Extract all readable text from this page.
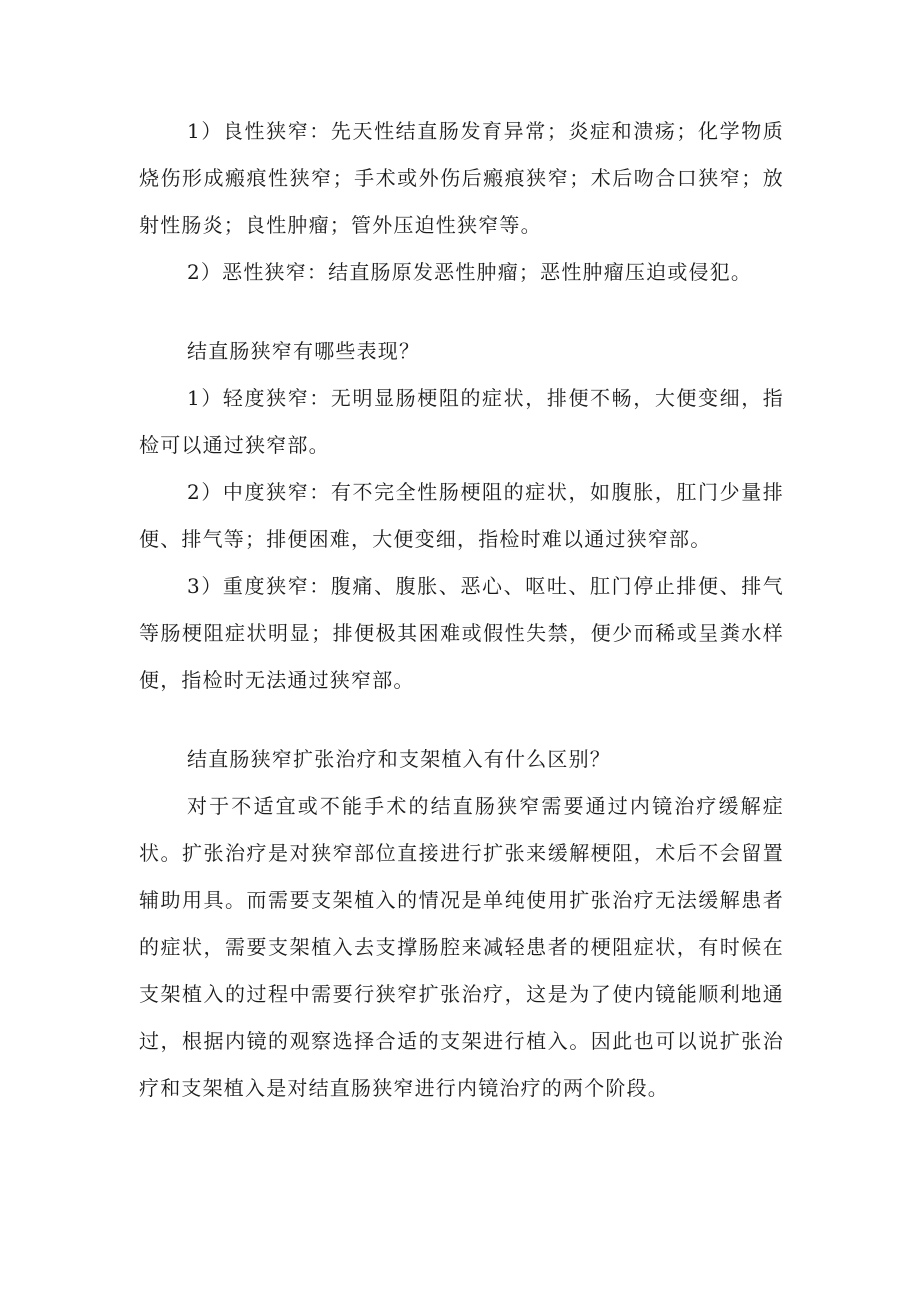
1）良性狭窄：先天性结直肠发育异常；炎症和溃疡；化学物质烧伤形成瘢痕性狭窄；手术或外伤后瘢痕狭窄；术后吻合口狭窄；放射性肠炎；良性肿瘤；管外压迫性狭窄等。

2）恶性狭窄：结直肠原发恶性肿瘤；恶性肿瘤压迫或侵犯。

结直肠狭窄有哪些表现？

1）轻度狭窄：无明显肠梗阻的症状，排便不畅，大便变细，指检可以通过狭窄部。

2）中度狭窄：有不完全性肠梗阻的症状，如腹胀，肛门少量排便、排气等；排便困难，大便变细，指检时难以通过狭窄部。

3）重度狭窄：腹痛、腹胀、恶心、呕吐、肛门停止排便、排气等肠梗阻症状明显；排便极其困难或假性失禁，便少而稀或呈粪水样便，指检时无法通过狭窄部。

结直肠狭窄扩张治疗和支架植入有什么区别？

对于不适宜或不能手术的结直肠狭窄需要通过内镜治疗缓解症状。扩张治疗是对狭窄部位直接进行扩张来缓解梗阻，术后不会留置辅助用具。而需要支架植入的情况是单纯使用扩张治疗无法缓解患者的症状，需要支架植入去支撑肠腔来减轻患者的梗阻症状，有时候在支架植入的过程中需要行狭窄扩张治疗，这是为了使内镜能顺利地通过，根据内镜的观察选择合适的支架进行植入。因此也可以说扩张治疗和支架植入是对结直肠狭窄进行内镜治疗的两个阶段。
